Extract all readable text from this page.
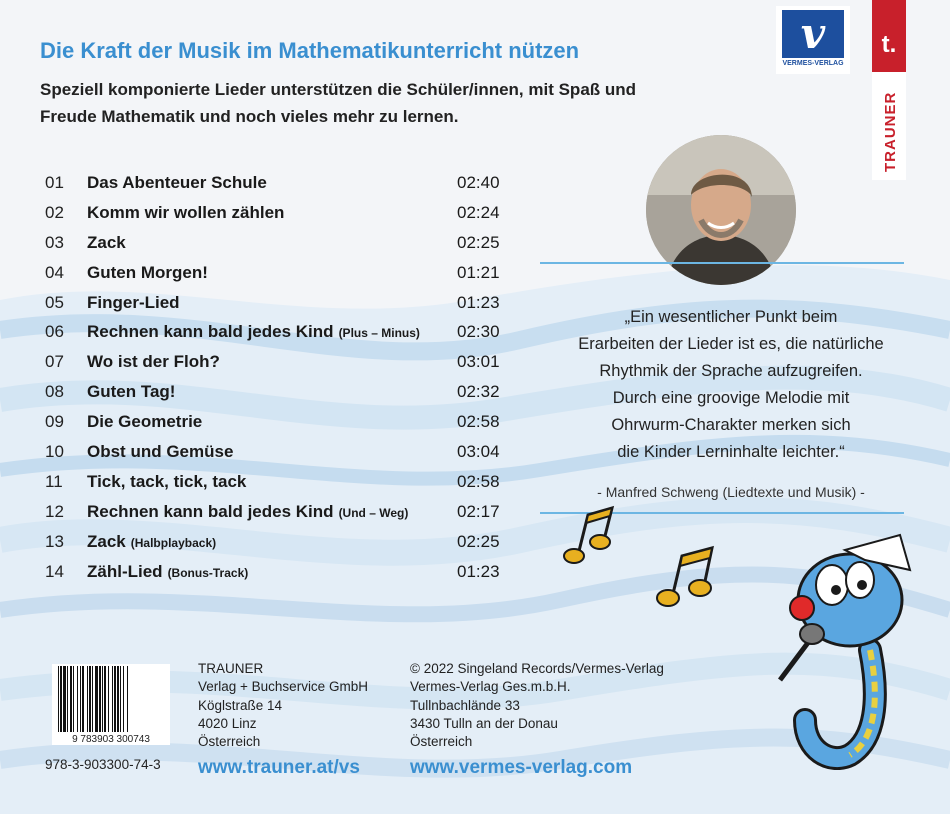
Die Kraft der Musik im Mathematikunterricht nützen
Speziell komponierte Lieder unterstützen die Schüler/innen, mit Spaß und Freude Mathematik und noch vieles mehr zu lernen.
01 Das Abenteuer Schule	02:40
02 Komm wir wollen zählen	02:24
03 Zack	02:25
04 Guten Morgen!	01:21
05 Finger-Lied	01:23
06 Rechnen kann bald jedes Kind (Plus – Minus) 02:30
07 Wo ist der Floh?	03:01
08 Guten Tag!	02:32
09 Die Geometrie	02:58
10 Obst und Gemüse	03:04
11 Tick, tack, tick, tack	02:58
12 Rechnen kann bald jedes Kind (Und – Weg)	02:17
13 Zack (Halbplayback)	02:25
14 Zähl-Lied (Bonus-Track)	01:23
„Ein wesentlicher Punkt beim
Erarbeiten der Lieder ist es, die natürliche
Rhythmik der Sprache aufzugreifen.
Durch eine groovige Melodie mit
Ohrwurm-Charakter merken sich
die Kinder Lerninhalte leichter.“
- Manfred Schweng (Liedtexte und Musik) -
v
VERMES-VERLAG
t.
TRAUNER
9 783903 300743
978-3-903300-74-3
TRAUNER
Verlag + Buchservice GmbH
Köglstraße 14
4020 Linz
Österreich
© 2022 Singeland Records/Vermes-Verlag
Vermes-Verlag Ges.m.b.H.
Tullnbachlände 33
3430 Tulln an der Donau
Österreich
www.trauner.at/vs	www.vermes-verlag.com
